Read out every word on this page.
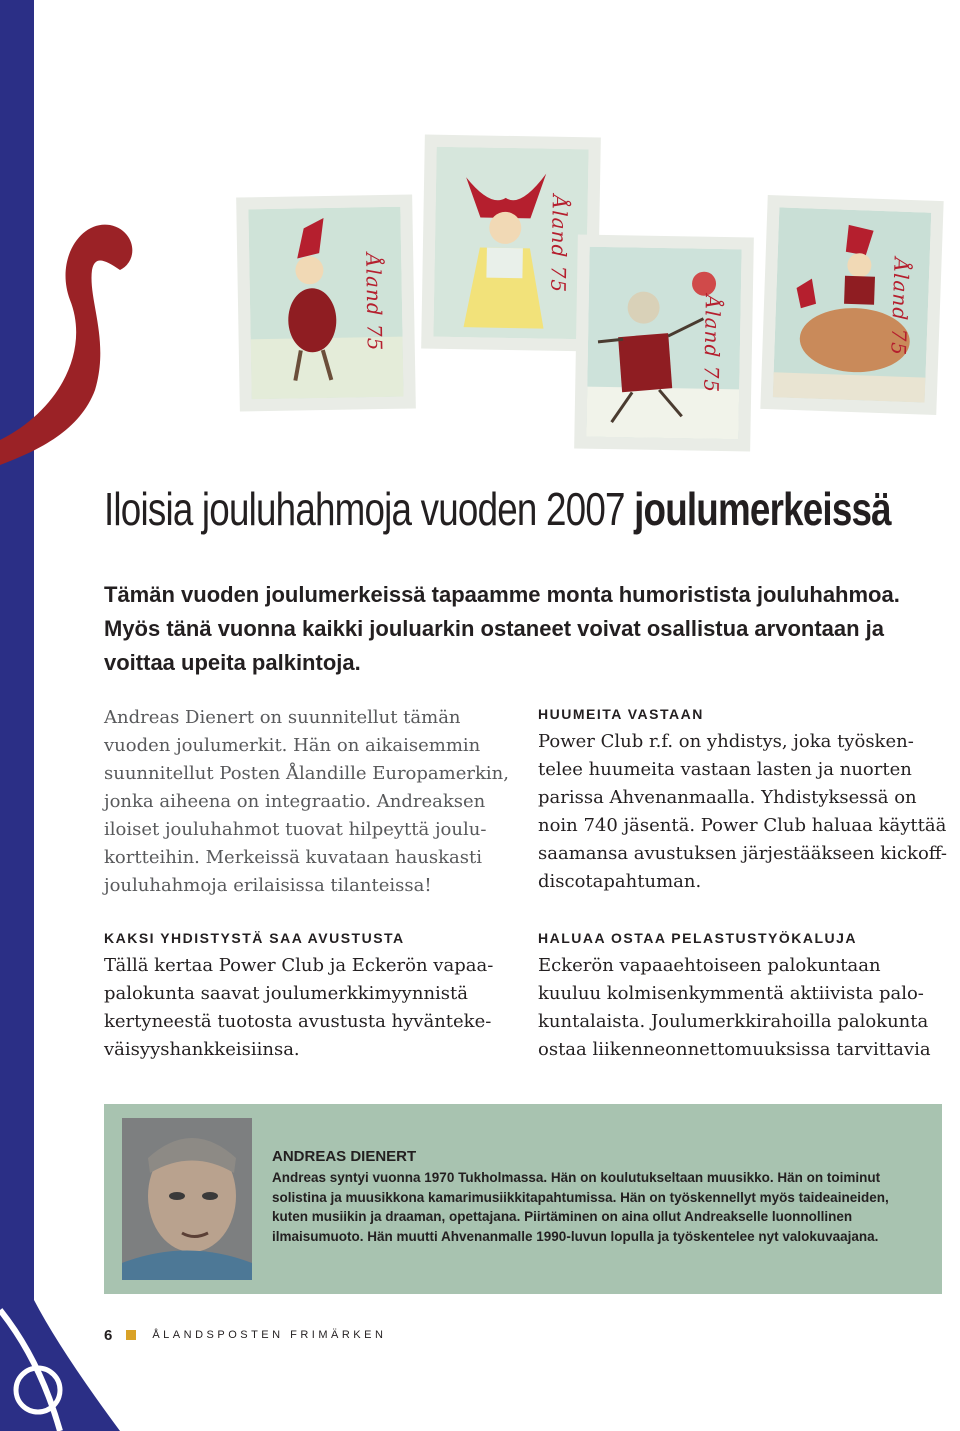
Åland 75
Åland 75
Åland 75	Åland 75
Iloisia jouluhahmoja vuoden 2007 joulumerkeissä

Tämän vuoden joulumerkeissä tapaamme monta humoristista jouluhahmoa. Myös tänä vuonna kaikki jouluarkin ostaneet voivat osallistua arvontaan ja voittaa upeita palkintoja.

Andreas Dienert on suunnitellut tämän vuoden joulumerkit. Hän on aikaisemmin suunnitellut Posten Ålandille Europamerkin, jonka aiheena on integraatio. Andreaksen iloiset jouluhahmot tuovat hilpeyttä joulukortteihin. Merkeissä kuvataan hauskasti jouluhahmoja erilaisissa tilanteissa!

KAKSI YHDISTYSTÄ SAA AVUSTUSTA

Tällä kertaa Power Club ja Eckerön vapaapalokunta saavat joulumerkkimyynnistä kertyneestä tuotosta avustusta hyväntekeväisyyshankkeisiinsa.

HUUMEITA VASTAAN

Power Club r.f. on yhdistys, joka työskentelee huumeita vastaan lasten ja nuorten parissa Ahvenanmaalla. Yhdistyksessä on noin 740 jäsentä. Power Club haluaa käyttää saamansa avustuksen järjestääkseen kickoff-discotapahtuman.

HALUAA OSTAA PELASTUSTYÖKALUJA

Eckerön vapaaehtoiseen palokuntaan kuuluu kolmisenkymmentä aktiivista palokuntalaista. Joulumerkkirahoilla palokunta ostaa liikenneonnettomuuksissa tarvittavia

ANDREAS DIENERT

Andreas syntyi vuonna 1970 Tukholmassa. Hän on koulutukseltaan muusikko. Hän on toiminut solistina ja muusikkona kamarimusiikkitapahtumissa. Hän on työskennellyt myös taideaineiden, kuten musiikin ja draaman, opettajana. Piirtäminen on aina ollut Andreakselle luonnollinen ilmaisumuoto. Hän muutti Ahvenanmalle 1990-luvun lopulla ja työskentelee nyt valokuvaajana.

6	ÅLANDSPOSTEN FRIMÄRKEN
